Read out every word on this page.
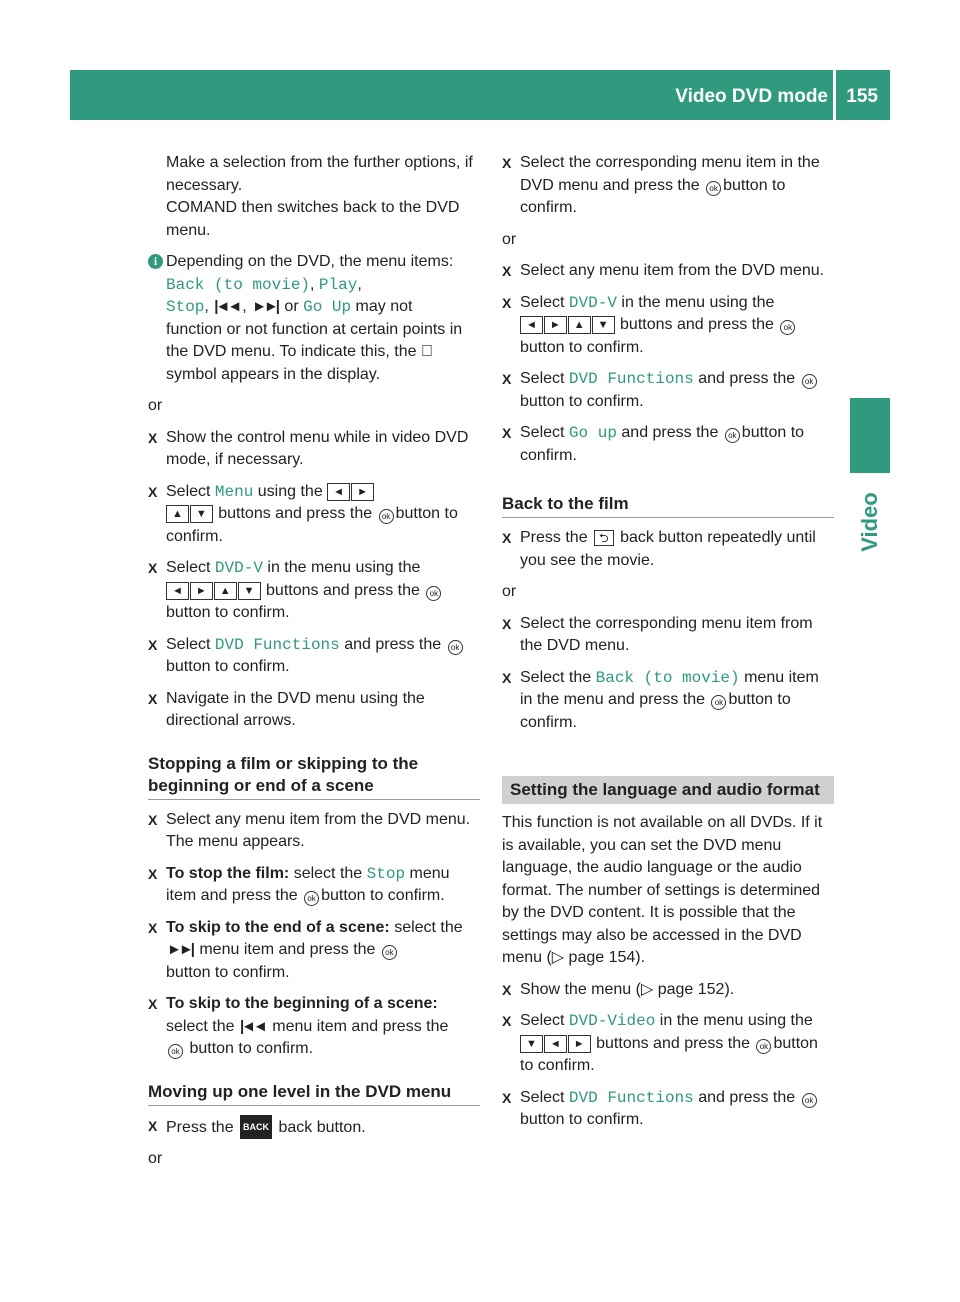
Video DVD mode 155
Video

Make a selection from the further options, if necessary.

COMAND then switches back to the DVD menu.

i Depending on the DVD, the menu items:
Back (to movie), Play,
Stop, |◄◄ , ►►| or Go Up may not
function or not function at certain points in the DVD menu. To indicate this, the
symbol appears in the display.

or

X Show the control menu while in video DVD mode, if necessary.
X Select Menu using the ◄ ►
▲ ▼ buttons and press the ok button to confirm.
X Select DVD-V in the menu using the
◄ ► ▲ ▼ buttons and press the okbutton to confirm.
X Select DVD Functions and press the ok
button to confirm.
X Navigate in the DVD menu using the directional arrows.
Stopping a film or skipping to the beginning or end of a scene
X Select any menu item from the DVD menu. The menu appears.
X To stop the film: select the Stop menu item and press the ok button to confirm.
X To skip to the end of a scene: select the ►►| menu item and press the ok
button to confirm.
X To skip to the beginning of a scene:
select the |◄◄ menu item and press the
ok button to confirm.
Moving up one level in the DVD menu
X Press the BACK back button.

or

X Select the corresponding menu item in the DVD menu and press the ok button to confirm.

or

X Select any menu item from the DVD menu.
X Select DVD-V in the menu using the
◄ ► ▲ ▼ buttons and press the okbutton to confirm.
X Select DVD Functions and press the ok
button to confirm.
X Select Go up and press the ok button to confirm.
Back to the film
X Press the ⮌ back button repeatedly until you see the movie.

or

X Select the corresponding menu item from the DVD menu.
X Select the Back (to movie) menu item in the menu and press the ok button to confirm.
Setting the language and audio format

This function is not available on all DVDs. If it is available, you can set the DVD menu language, the audio language or the audio format. The number of settings is determined by the DVD content. It is possible that the settings may also be accessed in the DVD menu (▷ page 154).

X Show the menu (▷ page 152).
X Select DVD-Video in the menu using the
▼ ◄ ► buttons and press the ok button to confirm.
X Select DVD Functions and press the ok
button to confirm.
